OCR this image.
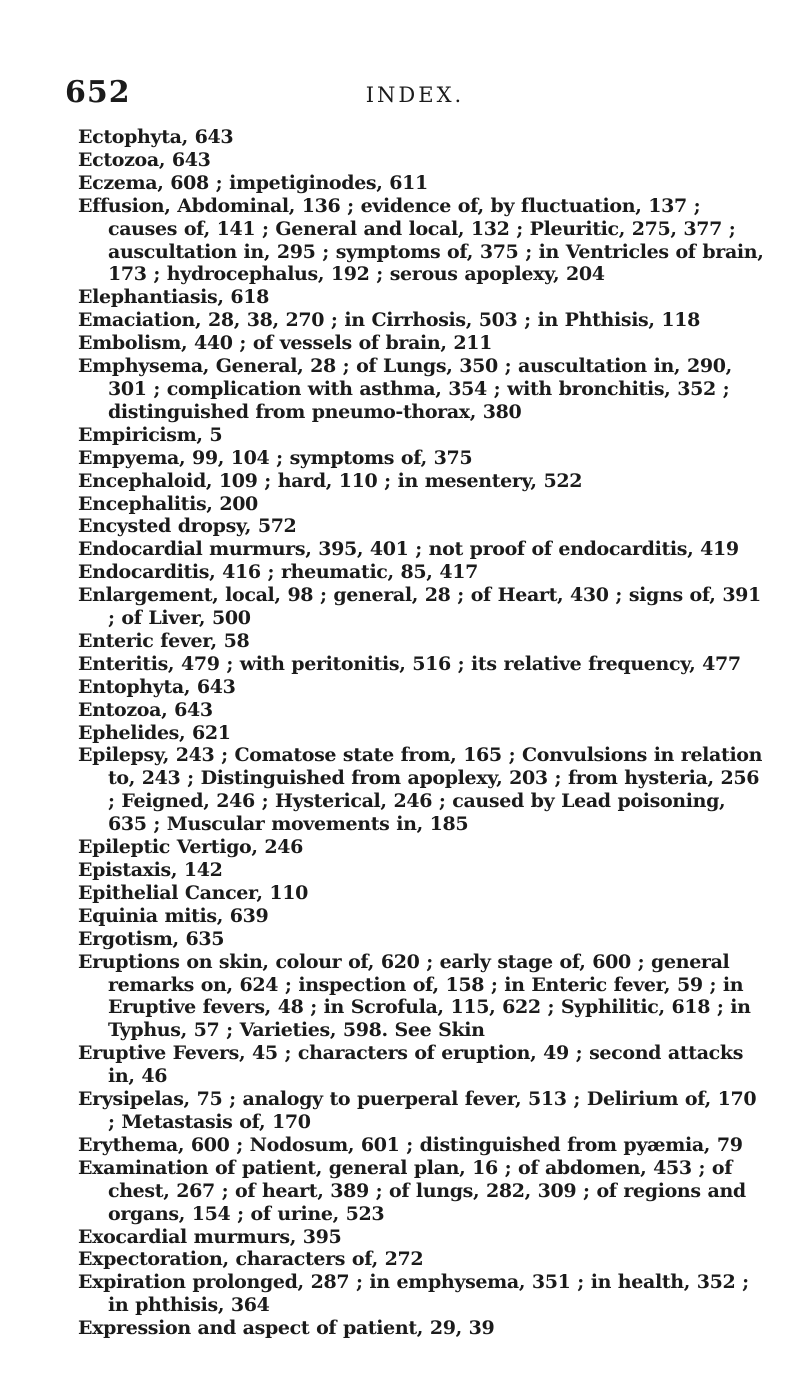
652	INDEX.
Ectophyta, 643
Ectozoa, 643
Eczema, 608 ; impetiginodes, 611
Effusion, Abdominal, 136 ; evidence of, by fluctuation, 137 ; causes of, 141 ; General and local, 132 ; Pleuritic, 275, 377 ; auscultation in, 295 ; symptoms of, 375 ; in Ventricles of brain, 173 ; hydrocephalus, 192 ; serous apoplexy, 204
Elephantiasis, 618
Emaciation, 28, 38, 270 ; in Cirrhosis, 503 ; in Phthisis, 118
Embolism, 440 ; of vessels of brain, 211
Emphysema, General, 28 ; of Lungs, 350 ; auscultation in, 290, 301 ; complication with asthma, 354 ; with bronchitis, 352 ; distinguished from pneumo-thorax, 380
Empiricism, 5
Empyema, 99, 104 ; symptoms of, 375
Encephaloid, 109 ; hard, 110 ; in mesentery, 522
Encephalitis, 200
Encysted dropsy, 572
Endocardial murmurs, 395, 401 ; not proof of endocarditis, 419
Endocarditis, 416 ; rheumatic, 85, 417
Enlargement, local, 98 ; general, 28 ; of Heart, 430 ; signs of, 391 ; of Liver, 500
Enteric fever, 58
Enteritis, 479 ; with peritonitis, 516 ; its relative frequency, 477
Entophyta, 643
Entozoa, 643
Ephelides, 621
Epilepsy, 243 ; Comatose state from, 165 ; Convulsions in relation to, 243 ; Distinguished from apoplexy, 203 ; from hysteria, 256 ; Feigned, 246 ; Hysterical, 246 ; caused by Lead poisoning, 635 ; Muscular movements in, 185
Epileptic Vertigo, 246
Epistaxis, 142
Epithelial Cancer, 110
Equinia mitis, 639
Ergotism, 635
Eruptions on skin, colour of, 620 ; early stage of, 600 ; general remarks on, 624 ; inspection of, 158 ; in Enteric fever, 59 ; in Eruptive fevers, 48 ; in Scrofula, 115, 622 ; Syphilitic, 618 ; in Typhus, 57 ; Varieties, 598. See Skin
Eruptive Fevers, 45 ; characters of eruption, 49 ; second attacks in, 46
Erysipelas, 75 ; analogy to puerperal fever, 513 ; Delirium of, 170 ; Metastasis of, 170
Erythema, 600 ; Nodosum, 601 ; distinguished from pyæmia, 79
Examination of patient, general plan, 16 ; of abdomen, 453 ; of chest, 267 ; of heart, 389 ; of lungs, 282, 309 ; of regions and organs, 154 ; of urine, 523
Exocardial murmurs, 395
Expectoration, characters of, 272
Expiration prolonged, 287 ; in emphysema, 351 ; in health, 352 ; in phthisis, 364
Expression and aspect of patient, 29, 39
